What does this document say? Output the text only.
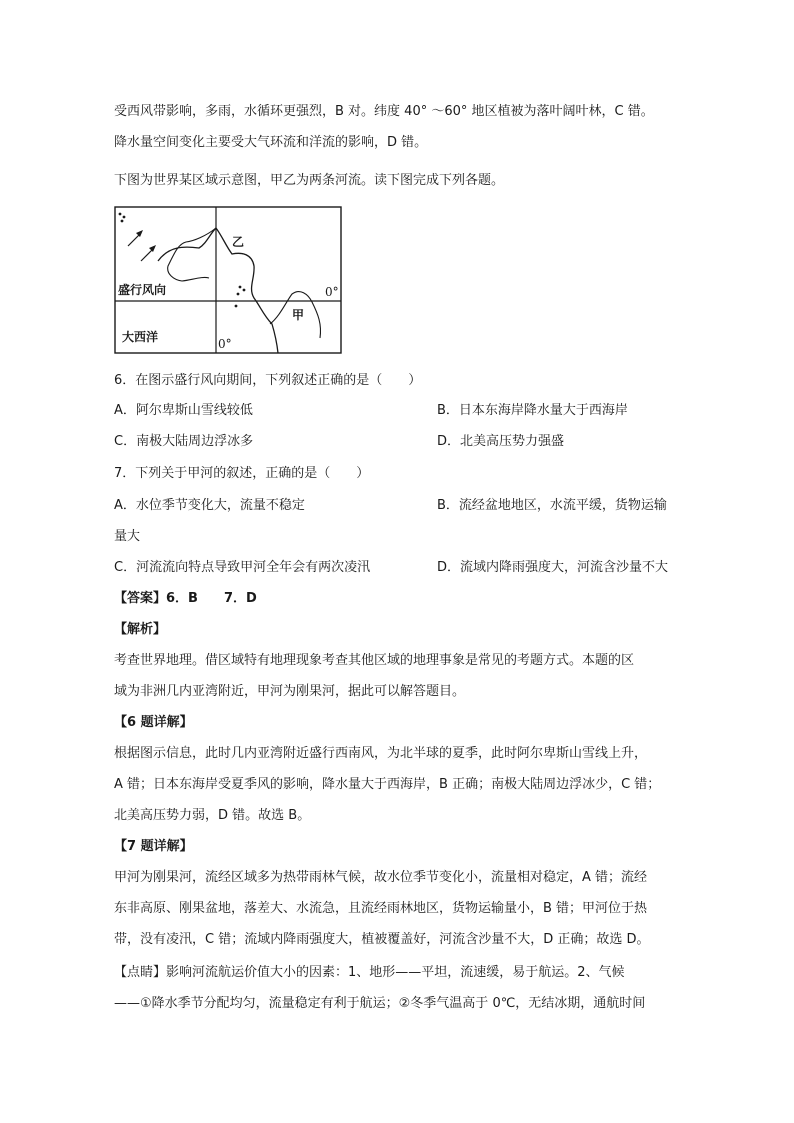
受西风带影响，多雨，水循环更强烈，B 对。纬度 40° ～60° 地区植被为落叶阔叶林，C 错。
降水量空间变化主要受大气环流和洋流的影响，D 错。
下图为世界某区域示意图，甲乙为两条河流。读下图完成下列各题。
盛行风向
大西洋
乙
甲
0°
0°
6．在图示盛行风向期间，下列叙述正确的是（　　）
A．阿尔卑斯山雪线较低	B．日本东海岸降水量大于西海岸
C．南极大陆周边浮冰多	D．北美高压势力强盛
7．下列关于甲河的叙述，正确的是（　　）
A．水位季节变化大，流量不稳定	B．流经盆地地区，水流平缓，货物运输
量大
C．河流流向特点导致甲河全年会有两次凌汛	D．流域内降雨强度大，河流含沙量不大
【答案】6．B　　7．D
【解析】
考查世界地理。借区域特有地理现象考查其他区域的地理事象是常见的考题方式。本题的区
域为非洲几内亚湾附近，甲河为刚果河，据此可以解答题目。
【6 题详解】
根据图示信息，此时几内亚湾附近盛行西南风，为北半球的夏季，此时阿尔卑斯山雪线上升，
A 错；日本东海岸受夏季风的影响，降水量大于西海岸，B 正确；南极大陆周边浮冰少，C 错；
北美高压势力弱，D 错。故选 B。
【7 题详解】
甲河为刚果河，流经区域多为热带雨林气候，故水位季节变化小，流量相对稳定，A 错；流经
东非高原、刚果盆地，落差大、水流急，且流经雨林地区，货物运输量小，B 错；甲河位于热
带，没有凌汛，C 错；流域内降雨强度大，植被覆盖好，河流含沙量不大，D 正确；故选 D。
【点睛】影响河流航运价值大小的因素：1、地形——平坦，流速缓，易于航运。2、气候
——①降水季节分配均匀，流量稳定有利于航运；②冬季气温高于 0℃，无结冰期，通航时间
